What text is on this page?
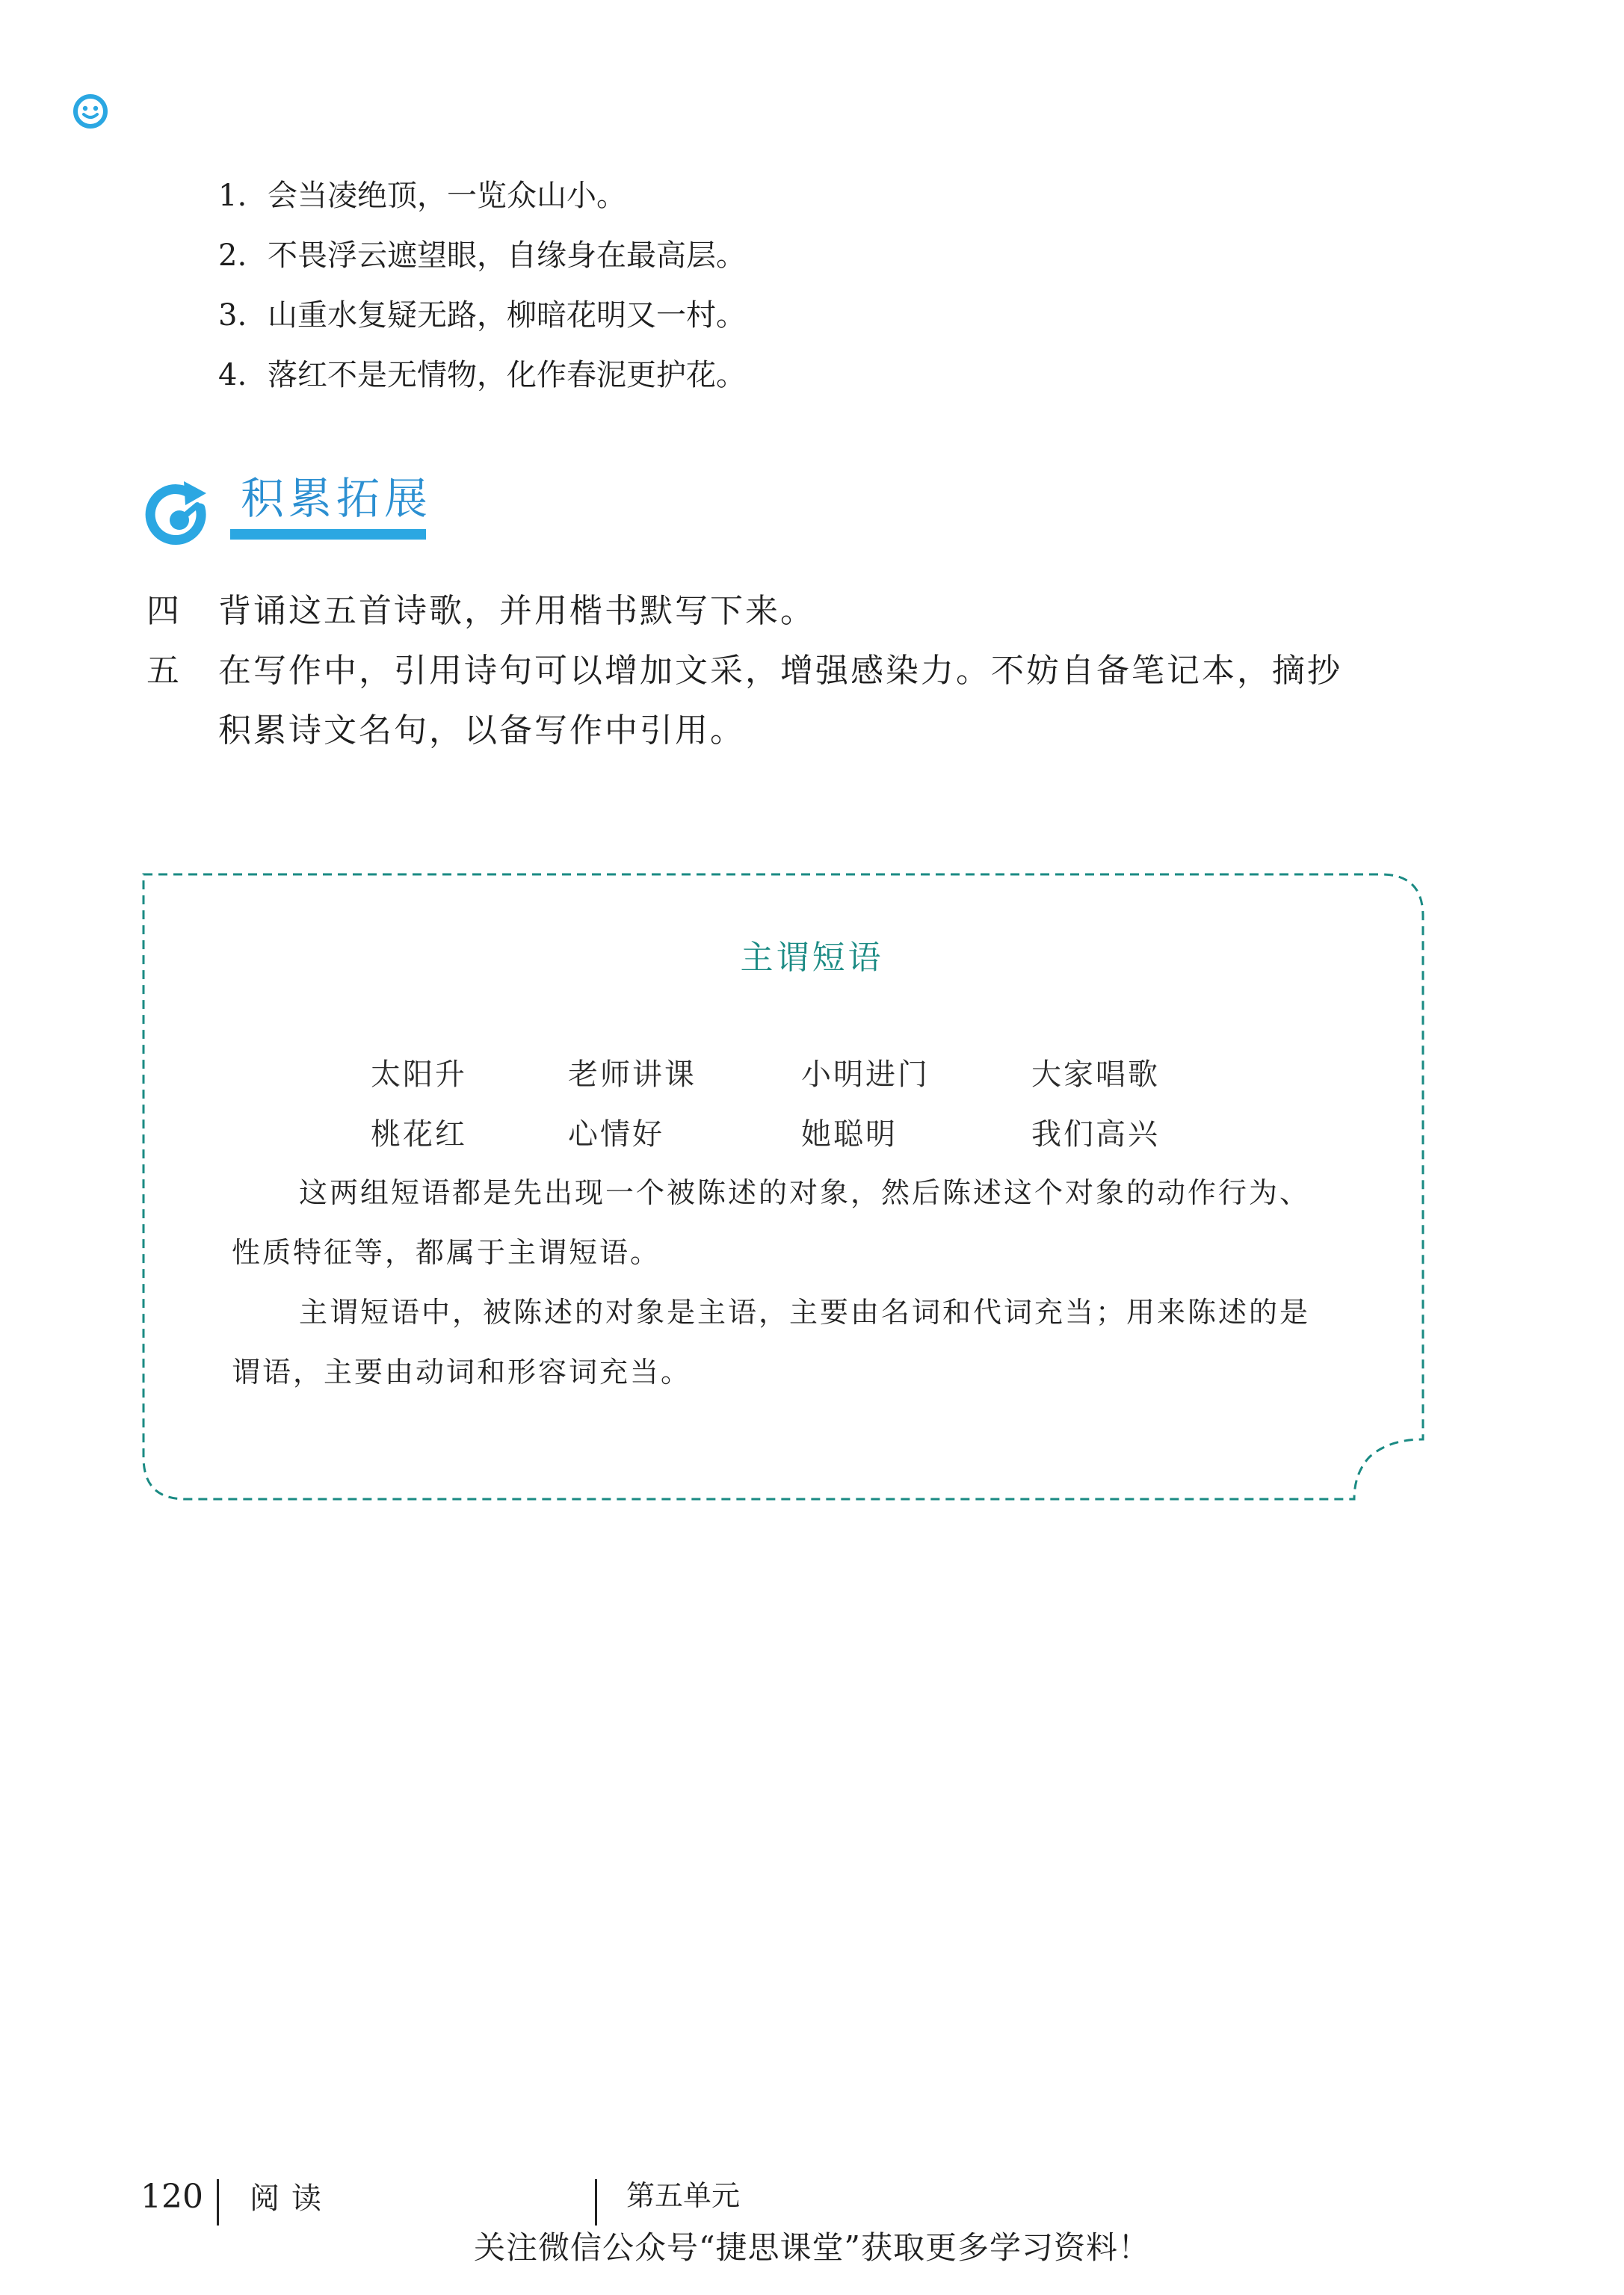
1. 会当凌绝顶，一览众山小。
2. 不畏浮云遮望眼，自缘身在最高层。
3. 山重水复疑无路，柳暗花明又一村。
4. 落红不是无情物，化作春泥更护花。
积累拓展
四 背诵这五首诗歌，并用楷书默写下来。
五 在写作中，引用诗句可以增加文采，增强感染力。不妨自备笔记本，摘抄
积累诗文名句，以备写作中引用。
主谓短语
太阳升	老师讲课	小明进门	大家唱歌
桃花红	心情好	她聪明	我们高兴
这两组短语都是先出现一个被陈述的对象，然后陈述这个对象的动作行为、
性质特征等，都属于主谓短语。
主谓短语中，被陈述的对象是主语，主要由名词和代词充当；用来陈述的是
谓语，主要由动词和形容词充当。
120 阅读	第五单元
关注微信公众号“捷思课堂”获取更多学习资料！
